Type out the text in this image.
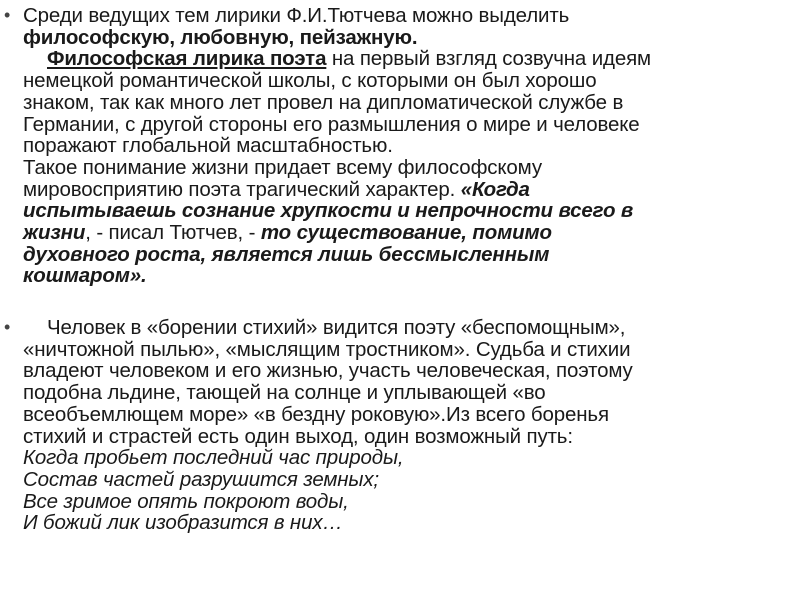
• Среди ведущих тем лирики Ф.И.Тютчева можно выделить
философскую, любовную, пейзажную.
Философская лирика поэта на первый взгляд созвучна идеям
немецкой романтической школы, с которыми он был хорошо
знаком, так как много лет провел на дипломатической службе в
Германии, с другой стороны его размышления о мире и человеке
поражают глобальной масштабностью.
Такое понимание жизни придает всему философскому
мировосприятию поэта трагический характер. «Когда
испытываешь сознание хрупкости и непрочности всего в
жизни, - писал Тютчев, - то существование, помимо
духовного роста, является лишь бессмысленным
кошмаром».
•	Человек в «борении стихий» видится поэту «беспомощным»,
«ничтожной пылью», «мыслящим тростником». Судьба и стихии
владеют человеком и его жизнью, участь человеческая, поэтому
подобна льдине, тающей на солнце и уплывающей «во
всеобъемлющем море» «в бездну роковую».Из всего боренья
стихий и страстей есть один выход, один возможный путь:
Когда пробьет последний час природы,
Состав частей разрушится земных;
Все зримое опять покроют воды,
И божий лик изобразится в них…
